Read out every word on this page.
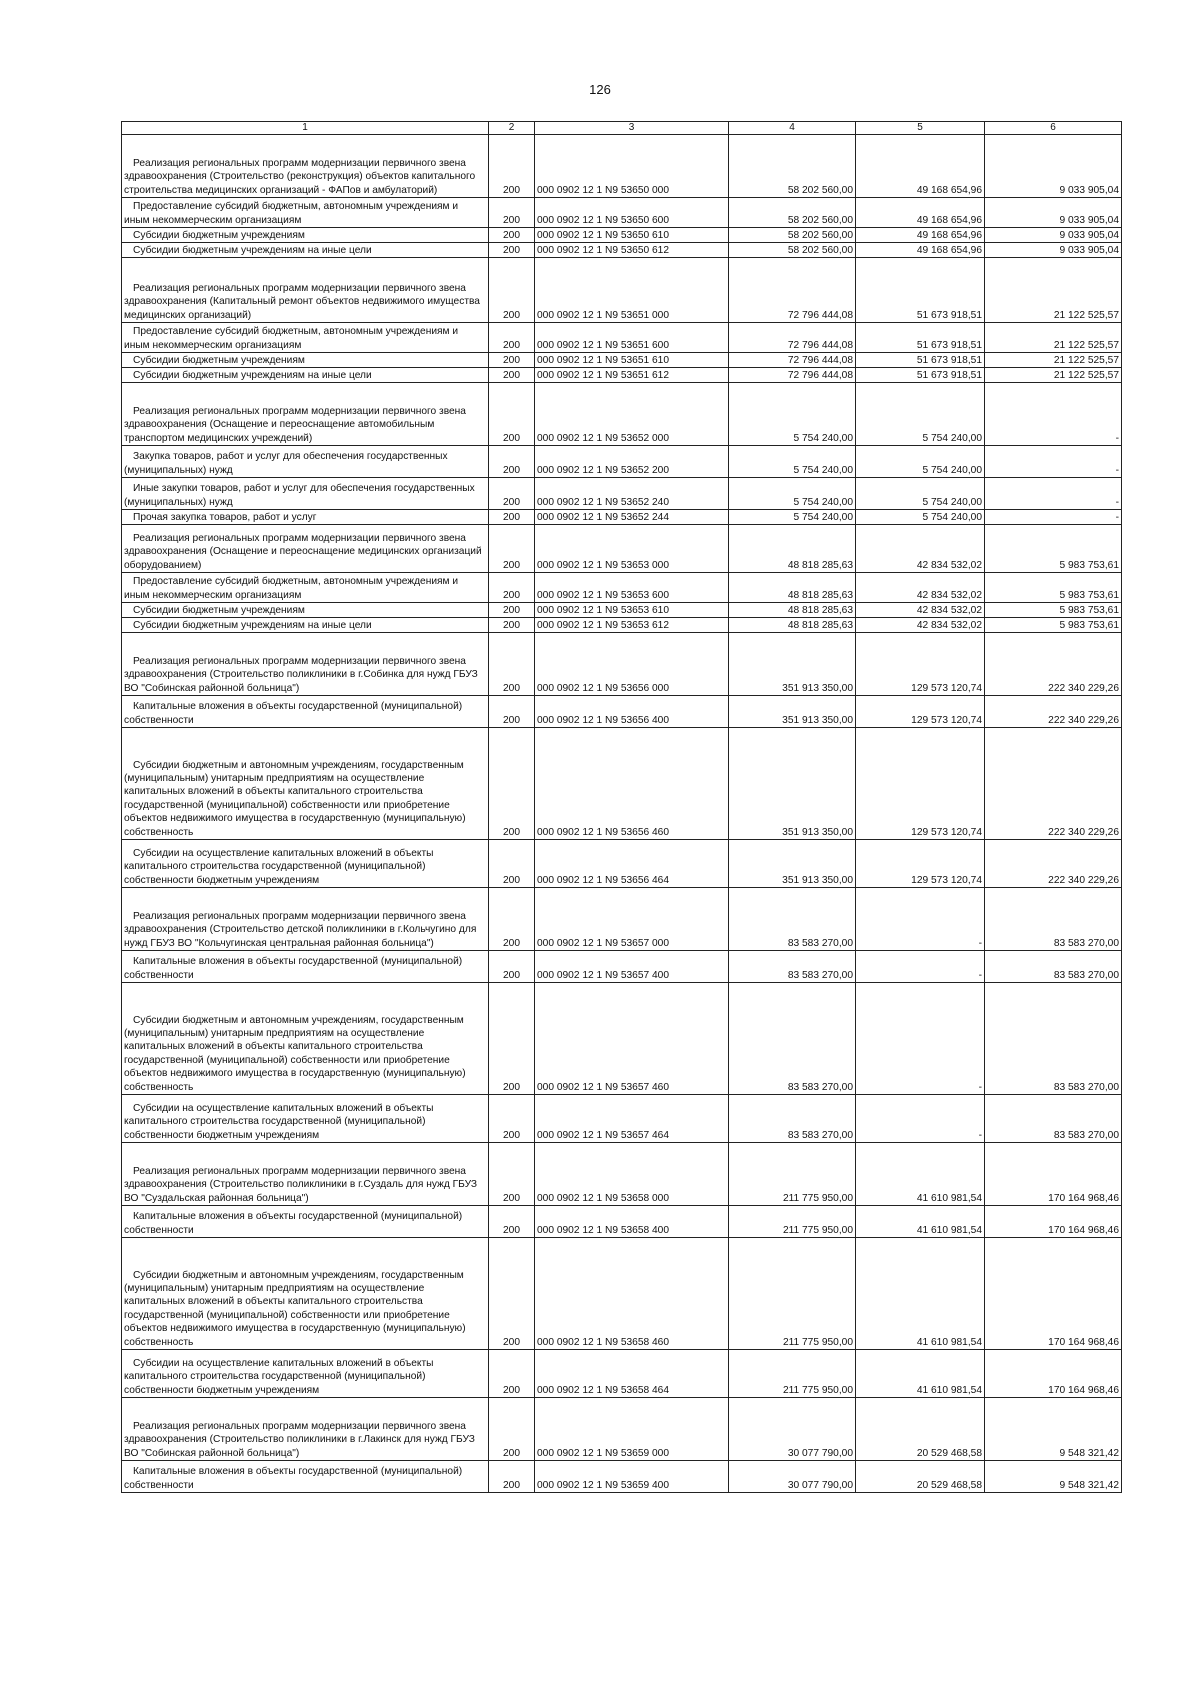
126
1	2	3	4	5	6

Реализация региональных программ модернизации первичного звена здравоохранения (Строительство (реконструкция) объектов капитального строительства медицинских организаций - ФАПов и амбулаторий)	200	000 0902 12 1 N9 53650 000	58 202 560,00	49 168 654,96	9 033 905,04

Предоставление субсидий бюджетным, автономным учреждениям и иным некоммерческим организациям	200	000 0902 12 1 N9 53650 600	58 202 560,00	49 168 654,96	9 033 905,04

Субсидии бюджетным учреждениям	200	000 0902 12 1 N9 53650 610	58 202 560,00	49 168 654,96	9 033 905,04

Субсидии бюджетным учреждениям на иные цели	200	000 0902 12 1 N9 53650 612	58 202 560,00	49 168 654,96	9 033 905,04

Реализация региональных программ модернизации первичного звена здравоохранения (Капитальный ремонт объектов недвижимого имущества медицинских организаций)	200	000 0902 12 1 N9 53651 000	72 796 444,08	51 673 918,51	21 122 525,57

Предоставление субсидий бюджетным, автономным учреждениям и иным некоммерческим организациям	200	000 0902 12 1 N9 53651 600	72 796 444,08	51 673 918,51	21 122 525,57

Субсидии бюджетным учреждениям	200	000 0902 12 1 N9 53651 610	72 796 444,08	51 673 918,51	21 122 525,57

Субсидии бюджетным учреждениям на иные цели	200	000 0902 12 1 N9 53651 612	72 796 444,08	51 673 918,51	21 122 525,57

Реализация региональных программ модернизации первичного звена здравоохранения (Оснащение и переоснащение автомобильным транспортом медицинских учреждений)	200	000 0902 12 1 N9 53652 000	5 754 240,00	5 754 240,00	-

Закупка товаров, работ и услуг для обеспечения государственных (муниципальных) нужд	200	000 0902 12 1 N9 53652 200	5 754 240,00	5 754 240,00	-

Иные закупки товаров, работ и услуг для обеспечения государственных (муниципальных) нужд	200	000 0902 12 1 N9 53652 240	5 754 240,00	5 754 240,00	-

Прочая закупка товаров, работ и услуг	200	000 0902 12 1 N9 53652 244	5 754 240,00	5 754 240,00	-

Реализация региональных программ модернизации первичного звена здравоохранения (Оснащение и переоснащение медицинских организаций оборудованием)	200	000 0902 12 1 N9 53653 000	48 818 285,63	42 834 532,02	5 983 753,61

Предоставление субсидий бюджетным, автономным учреждениям и иным некоммерческим организациям	200	000 0902 12 1 N9 53653 600	48 818 285,63	42 834 532,02	5 983 753,61

Субсидии бюджетным учреждениям	200	000 0902 12 1 N9 53653 610	48 818 285,63	42 834 532,02	5 983 753,61

Субсидии бюджетным учреждениям на иные цели	200	000 0902 12 1 N9 53653 612	48 818 285,63	42 834 532,02	5 983 753,61

Реализация региональных программ модернизации первичного звена здравоохранения (Строительство поликлиники в г.Собинка для нужд ГБУЗ ВО "Собинская районной больница")	200	000 0902 12 1 N9 53656 000	351 913 350,00	129 573 120,74	222 340 229,26

Капитальные вложения в объекты государственной (муниципальной) собственности	200	000 0902 12 1 N9 53656 400	351 913 350,00	129 573 120,74	222 340 229,26

Субсидии бюджетным и автономным учреждениям, государственным (муниципальным) унитарным предприятиям на осуществление капитальных вложений в объекты капитального строительства государственной (муниципальной) собственности или приобретение объектов недвижимого имущества в государственную (муниципальную) собственность	200	000 0902 12 1 N9 53656 460	351 913 350,00	129 573 120,74	222 340 229,26

Субсидии на осуществление капитальных вложений в объекты капитального строительства государственной (муниципальной) собственности бюджетным учреждениям	200	000 0902 12 1 N9 53656 464	351 913 350,00	129 573 120,74	222 340 229,26

Реализация региональных программ модернизации первичного звена здравоохранения (Строительство детской поликлиники в г.Кольчугино для нужд ГБУЗ ВО "Кольчугинская центральная районная больница")	200	000 0902 12 1 N9 53657 000	83 583 270,00	-	83 583 270,00

Капитальные вложения в объекты государственной (муниципальной) собственности	200	000 0902 12 1 N9 53657 400	83 583 270,00	-	83 583 270,00

Субсидии бюджетным и автономным учреждениям, государственным (муниципальным) унитарным предприятиям на осуществление капитальных вложений в объекты капитального строительства государственной (муниципальной) собственности или приобретение объектов недвижимого имущества в государственную (муниципальную) собственность	200	000 0902 12 1 N9 53657 460	83 583 270,00	-	83 583 270,00

Субсидии на осуществление капитальных вложений в объекты капитального строительства государственной (муниципальной) собственности бюджетным учреждениям	200	000 0902 12 1 N9 53657 464	83 583 270,00	-	83 583 270,00

Реализация региональных программ модернизации первичного звена здравоохранения (Строительство поликлиники в г.Суздаль для нужд ГБУЗ ВО "Суздальская районная больница")	200	000 0902 12 1 N9 53658 000	211 775 950,00	41 610 981,54	170 164 968,46

Капитальные вложения в объекты государственной (муниципальной) собственности	200	000 0902 12 1 N9 53658 400	211 775 950,00	41 610 981,54	170 164 968,46

Субсидии бюджетным и автономным учреждениям, государственным (муниципальным) унитарным предприятиям на осуществление капитальных вложений в объекты капитального строительства государственной (муниципальной) собственности или приобретение объектов недвижимого имущества в государственную (муниципальную) собственность	200	000 0902 12 1 N9 53658 460	211 775 950,00	41 610 981,54	170 164 968,46

Субсидии на осуществление капитальных вложений в объекты капитального строительства государственной (муниципальной) собственности бюджетным учреждениям	200	000 0902 12 1 N9 53658 464	211 775 950,00	41 610 981,54	170 164 968,46

Реализация региональных программ модернизации первичного звена здравоохранения (Строительство поликлиники в г.Лакинск для нужд ГБУЗ ВО "Собинская районной больница")	200	000 0902 12 1 N9 53659 000	30 077 790,00	20 529 468,58	9 548 321,42

Капитальные вложения в объекты государственной (муниципальной) собственности	200	000 0902 12 1 N9 53659 400	30 077 790,00	20 529 468,58	9 548 321,42
